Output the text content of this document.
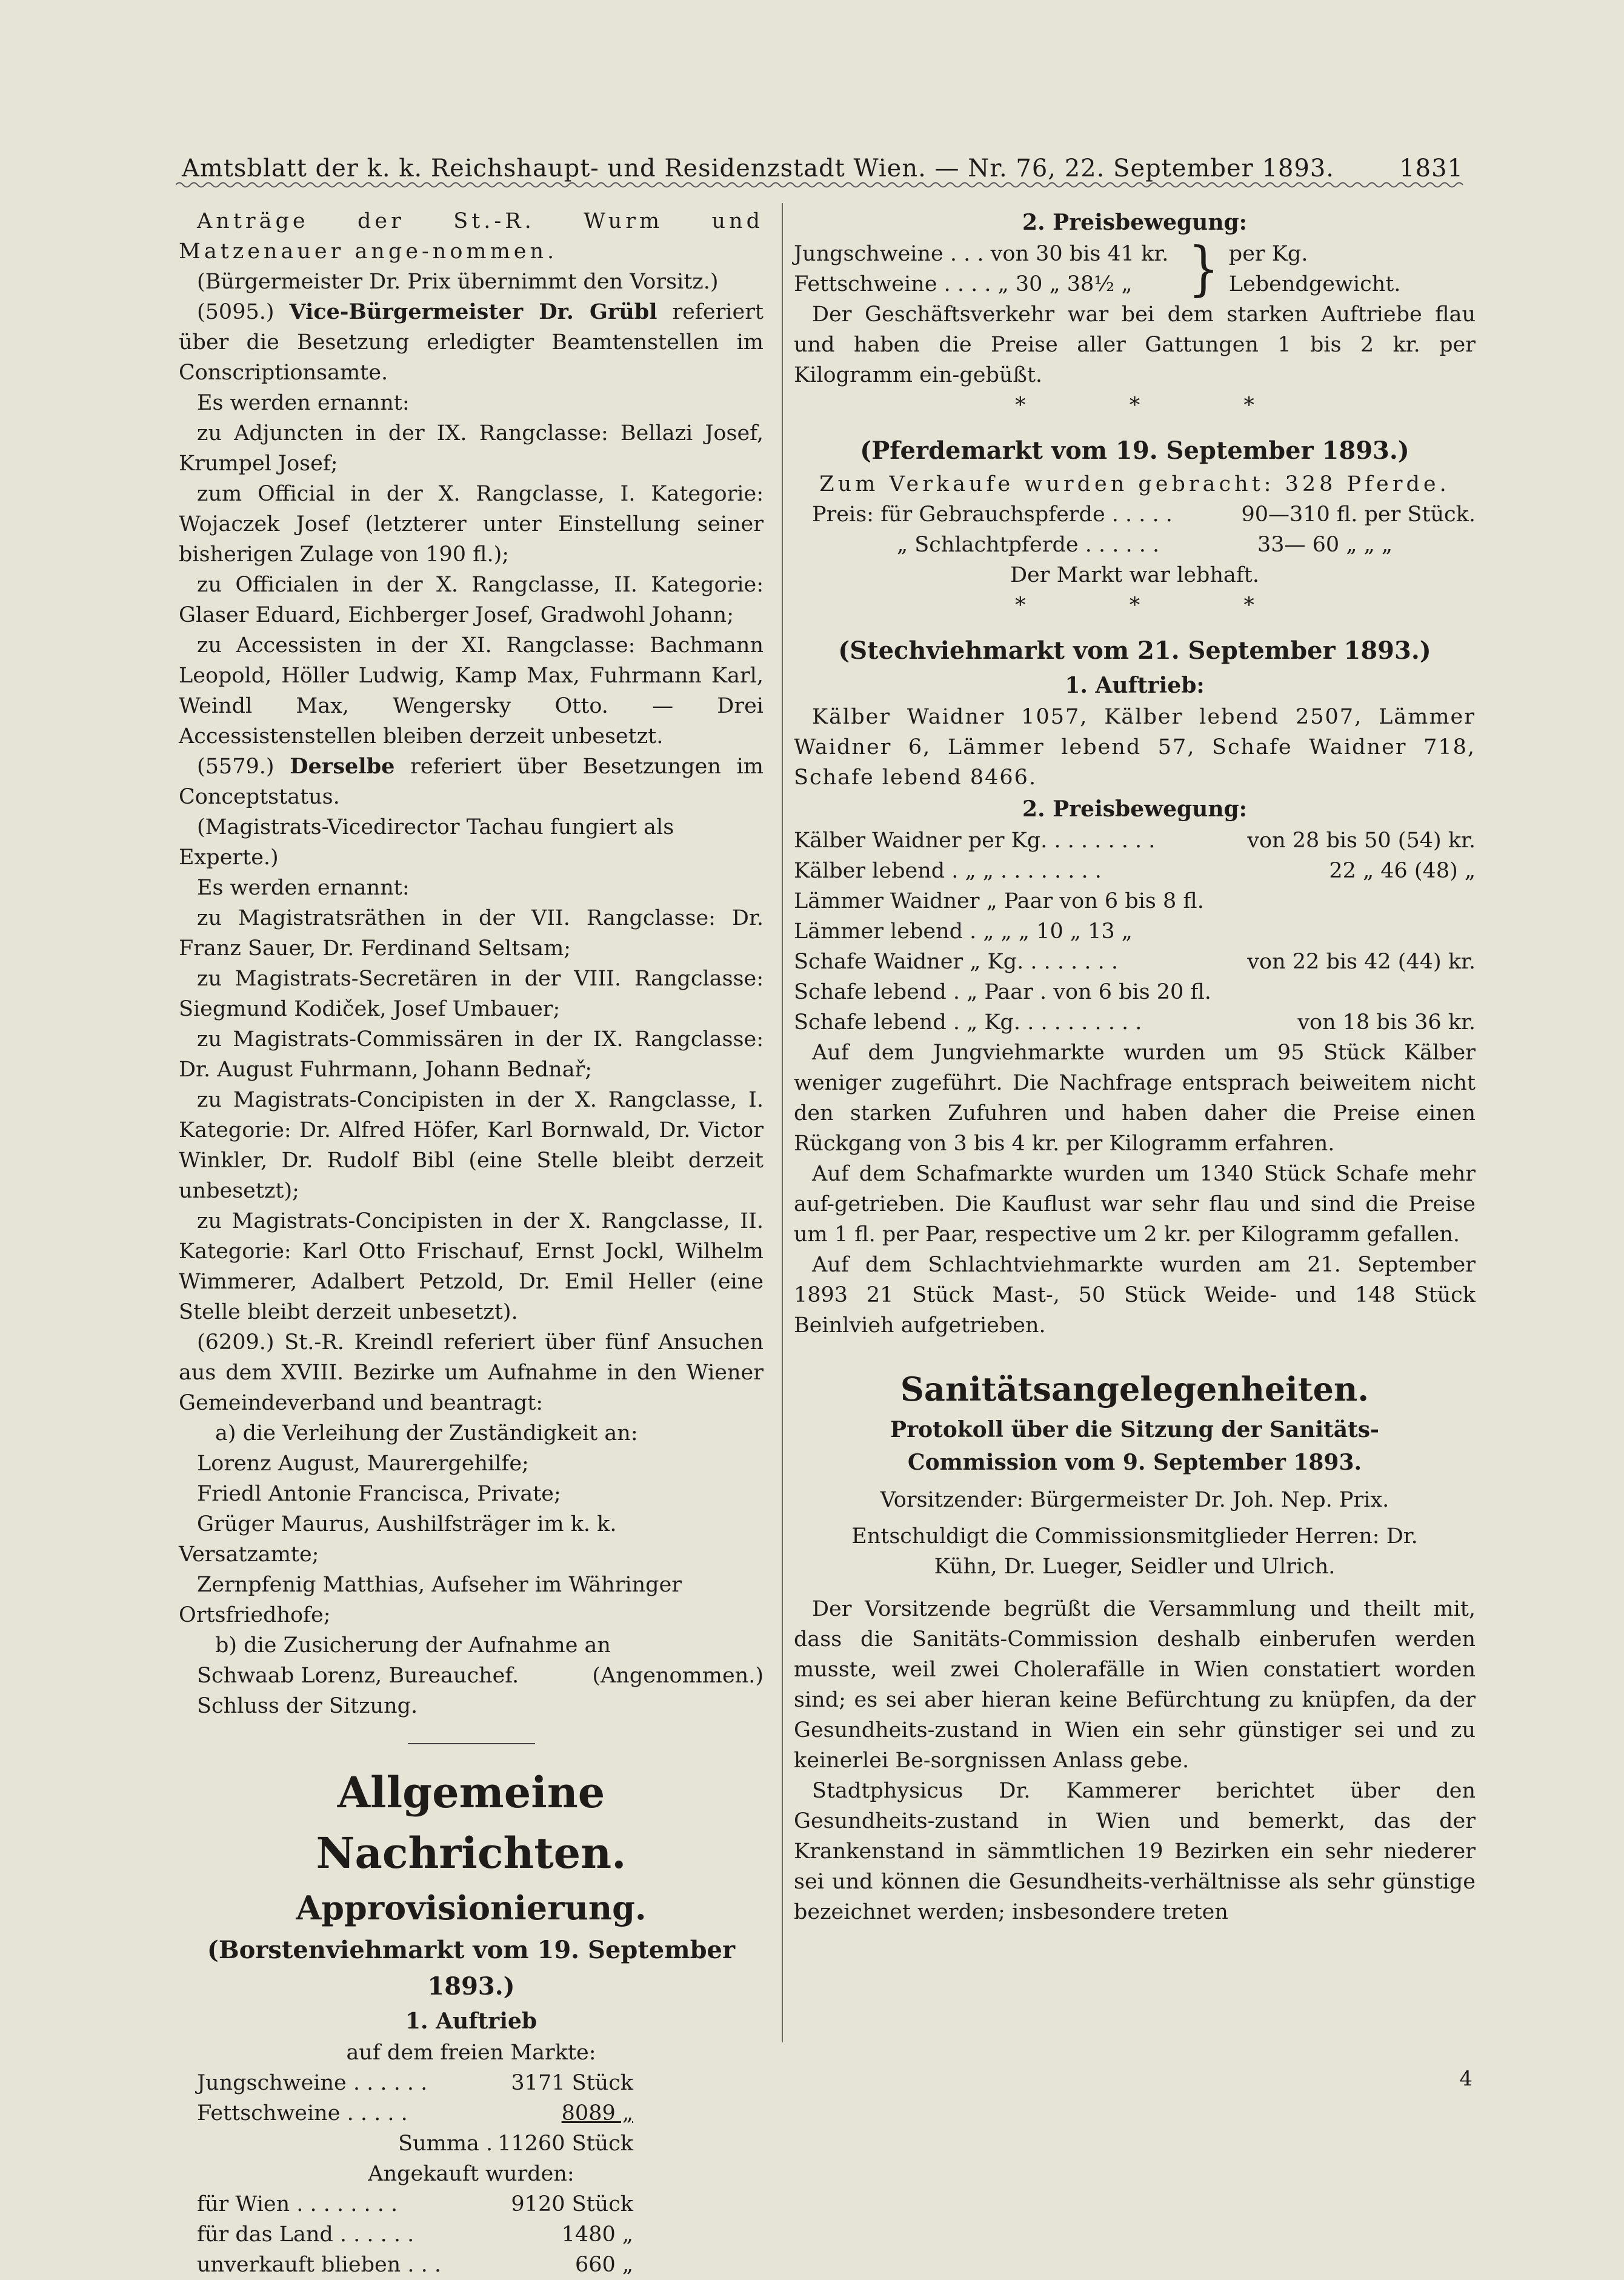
Amtsblatt der k. k. Reichshaupt- und Residenzstadt Wien. — Nr. 76, 22. September 1893.	1831

Anträge der St.-R. Wurm und Matzenauer ange-nommen.

(Bürgermeister Dr. Prix übernimmt den Vorsitz.)

(5095.) Vice-Bürgermeister Dr. Grübl referiert über die Besetzung erledigter Beamtenstellen im Conscriptionsamte.

Es werden ernannt:

zu Adjuncten in der IX. Rangclasse: Bellazi Josef, Krumpel Josef;

zum Official in der X. Rangclasse, I. Kategorie: Wojaczek Josef (letzterer unter Einstellung seiner bisherigen Zulage von 190 fl.);

zu Officialen in der X. Rangclasse, II. Kategorie: Glaser Eduard, Eichberger Josef, Gradwohl Johann;

zu Accessisten in der XI. Rangclasse: Bachmann Leopold, Höller Ludwig, Kamp Max, Fuhrmann Karl, Weindl Max, Wengersky Otto. — Drei Accessistenstellen bleiben derzeit unbesetzt.

(5579.) Derselbe referiert über Besetzungen im Conceptstatus.

(Magistrats-Vicedirector Tachau fungiert als Experte.)

Es werden ernannt:

zu Magistratsräthen in der VII. Rangclasse: Dr. Franz Sauer, Dr. Ferdinand Seltsam;

zu Magistrats-Secretären in der VIII. Rangclasse: Siegmund Kodiček, Josef Umbauer;

zu Magistrats-Commissären in der IX. Rangclasse: Dr. August Fuhrmann, Johann Bednař;

zu Magistrats-Concipisten in der X. Rangclasse, I. Kategorie: Dr. Alfred Höfer, Karl Bornwald, Dr. Victor Winkler, Dr. Rudolf Bibl (eine Stelle bleibt derzeit unbesetzt);

zu Magistrats-Concipisten in der X. Rangclasse, II. Kategorie: Karl Otto Frischauf, Ernst Jockl, Wilhelm Wimmerer, Adalbert Petzold, Dr. Emil Heller (eine Stelle bleibt derzeit unbesetzt).

(6209.) St.-R. Kreindl referiert über fünf Ansuchen aus dem XVIII. Bezirke um Aufnahme in den Wiener Gemeindeverband und beantragt:

a) die Verleihung der Zuständigkeit an:

Lorenz August, Maurergehilfe;

Friedl Antonie Francisca, Private;

Grüger Maurus, Aushilfsträger im k. k. Versatzamte;

Zernpfenig Matthias, Aufseher im Währinger Ortsfriedhofe;

b) die Zusicherung der Aufnahme an

Schwaab Lorenz, Bureauchef.	(Angenommen.)

Schluss der Sitzung.

Allgemeine Nachrichten.
Approvisionierung.
(Borstenviehmarkt vom 19. September 1893.)
1. Auftrieb
auf dem freien Markte:
Jungschweine . . . . . .	3171 Stück
Fettschweine . . . . .	8089 „
Summa . 11260 Stück
Angekauft wurden:
für Wien . . . . . . . .	9120 Stück
für das Land . . . . . .	1480 „
unverkauft blieben . . .	660 „
2. Preisbewegung:
Jungschweine . . . von 30 bis 41 kr.
Fettschweine . . . . „ 30 „ 38½ „	} per Kg. Lebendgewicht.

Der Geschäftsverkehr war bei dem starken Auftriebe flau und haben die Preise aller Gattungen 1 bis 2 kr. per Kilogramm ein-gebüßt.

* * *
(Pferdemarkt vom 19. September 1893.)

Zum Verkaufe wurden gebracht: 328 Pferde.

Preis: für Gebrauchspferde . . . . .	90—310 fl. per Stück.
„ Schlachtpferde . . . . . .	33— 60 „ „ „

Der Markt war lebhaft.

* * *
(Stechviehmarkt vom 21. September 1893.)
1. Auftrieb:

Kälber Waidner 1057, Kälber lebend 2507, Lämmer Waidner 6, Lämmer lebend 57, Schafe Waidner 718, Schafe lebend 8466.

2. Preisbewegung:
Kälber Waidner per Kg. . . . . . . . .	von 28 bis 50 (54) kr.
Kälber lebend . „ „ . . . . . . . .	22 „ 46 (48) „
Lämmer Waidner „ Paar von 6 bis 8 fl.
Lämmer lebend . „ „ „ 10 „ 13 „
Schafe Waidner „ Kg. . . . . . . .	von 22 bis 42 (44) kr.
Schafe lebend . „ Paar . von 6 bis 20 fl.
Schafe lebend . „ Kg. . . . . . . . . .	von 18 bis 36 kr.

Auf dem Jungviehmarkte wurden um 95 Stück Kälber weniger zugeführt. Die Nachfrage entsprach beiweitem nicht den starken Zufuhren und haben daher die Preise einen Rückgang von 3 bis 4 kr. per Kilogramm erfahren.

Auf dem Schafmarkte wurden um 1340 Stück Schafe mehr auf-getrieben. Die Kauflust war sehr flau und sind die Preise um 1 fl. per Paar, respective um 2 kr. per Kilogramm gefallen.

Auf dem Schlachtviehmarkte wurden am 21. September 1893 21 Stück Mast-, 50 Stück Weide- und 148 Stück Beinlvieh aufgetrieben.

Sanitätsangelegenheiten.
Protokoll über die Sitzung der Sanitäts-Commission vom 9. September 1893.

Vorsitzender: Bürgermeister Dr. Joh. Nep. Prix.

Entschuldigt die Commissionsmitglieder Herren: Dr. Kühn, Dr. Lueger, Seidler und Ulrich.

Der Vorsitzende begrüßt die Versammlung und theilt mit, dass die Sanitäts-Commission deshalb einberufen werden musste, weil zwei Cholerafälle in Wien constatiert worden sind; es sei aber hieran keine Befürchtung zu knüpfen, da der Gesundheits-zustand in Wien ein sehr günstiger sei und zu keinerlei Be-sorgnissen Anlass gebe.

Stadtphysicus Dr. Kammerer berichtet über den Gesundheits-zustand in Wien und bemerkt, das der Krankenstand in sämmtlichen 19 Bezirken ein sehr niederer sei und können die Gesundheits-verhältnisse als sehr günstige bezeichnet werden; insbesondere treten

4
